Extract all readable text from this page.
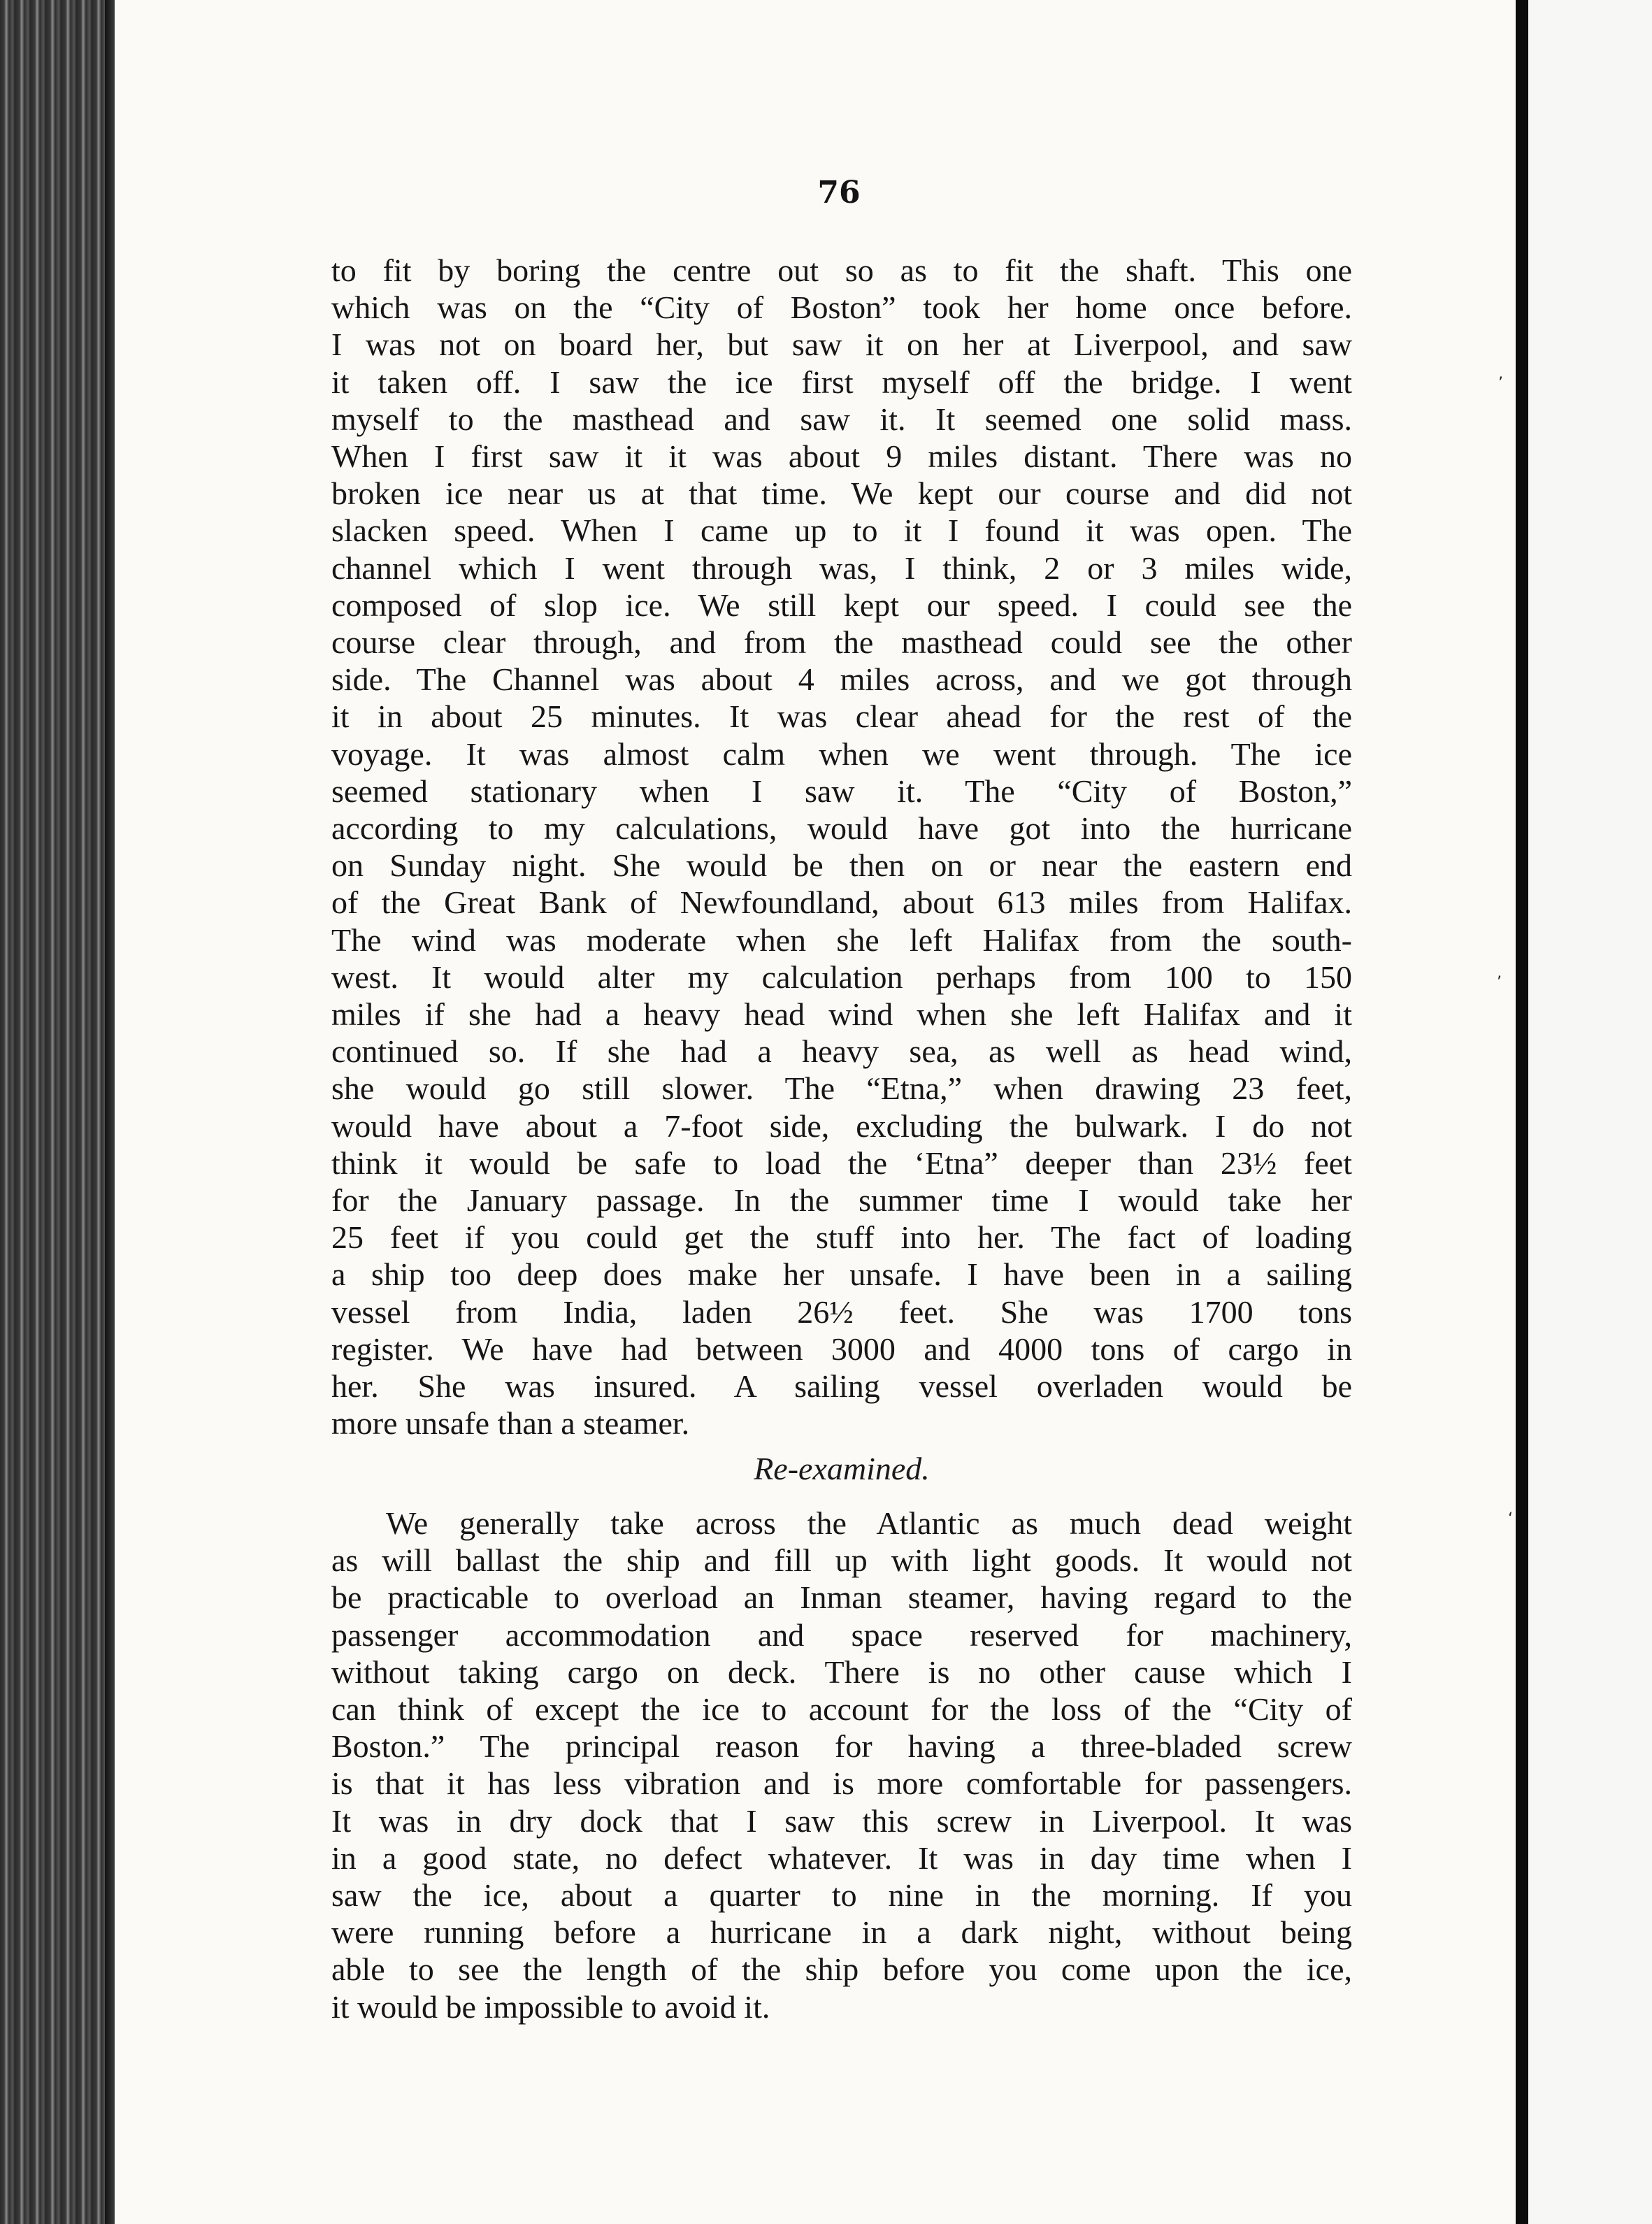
76
to fit by boring the centre out so as to fit the shaft. This one
which was on the “City of Boston” took her home once before.
I was not on board her, but saw it on her at Liverpool, and saw
it taken off. I saw the ice first myself off the bridge. I went
myself to the masthead and saw it. It seemed one solid mass.
When I first saw it it was about 9 miles distant. There was no
broken ice near us at that time. We kept our course and did not
slacken speed. When I came up to it I found it was open. The
channel which I went through was, I think, 2 or 3 miles wide,
composed of slop ice. We still kept our speed. I could see the
course clear through, and from the masthead could see the other
side. The Channel was about 4 miles across, and we got through
it in about 25 minutes. It was clear ahead for the rest of the
voyage. It was almost calm when we went through. The ice
seemed stationary when I saw it. The “City of Boston,”
according to my calculations, would have got into the hurricane
on Sunday night. She would be then on or near the eastern end
of the Great Bank of Newfoundland, about 613 miles from Halifax.
The wind was moderate when she left Halifax from the south-
west. It would alter my calculation perhaps from 100 to 150
miles if she had a heavy head wind when she left Halifax and it
continued so. If she had a heavy sea, as well as head wind,
she would go still slower. The “Etna,” when drawing 23 feet,
would have about a 7-foot side, excluding the bulwark. I do not
think it would be safe to load the ‘Etna” deeper than 23½ feet
for the January passage. In the summer time I would take her
25 feet if you could get the stuff into her. The fact of loading
a ship too deep does make her unsafe. I have been in a sailing
vessel from India, laden 26½ feet. She was 1700 tons
register. We have had between 3000 and 4000 tons of cargo in
her. She was insured. A sailing vessel overladen would be
more unsafe than a steamer.
Re-examined.
We generally take across the Atlantic as much dead weight
as will ballast the ship and fill up with light goods. It would not
be practicable to overload an Inman steamer, having regard to the
passenger accommodation and space reserved for machinery,
without taking cargo on deck. There is no other cause which I
can think of except the ice to account for the loss of the “City of
Boston.” The principal reason for having a three-bladed screw
is that it has less vibration and is more comfortable for passengers.
It was in dry dock that I saw this screw in Liverpool. It was
in a good state, no defect whatever. It was in day time when I
saw the ice, about a quarter to nine in the morning. If you
were running before a hurricane in a dark night, without being
able to see the length of the ship before you come upon the ice,
it would be impossible to avoid it.
’
’
‘
